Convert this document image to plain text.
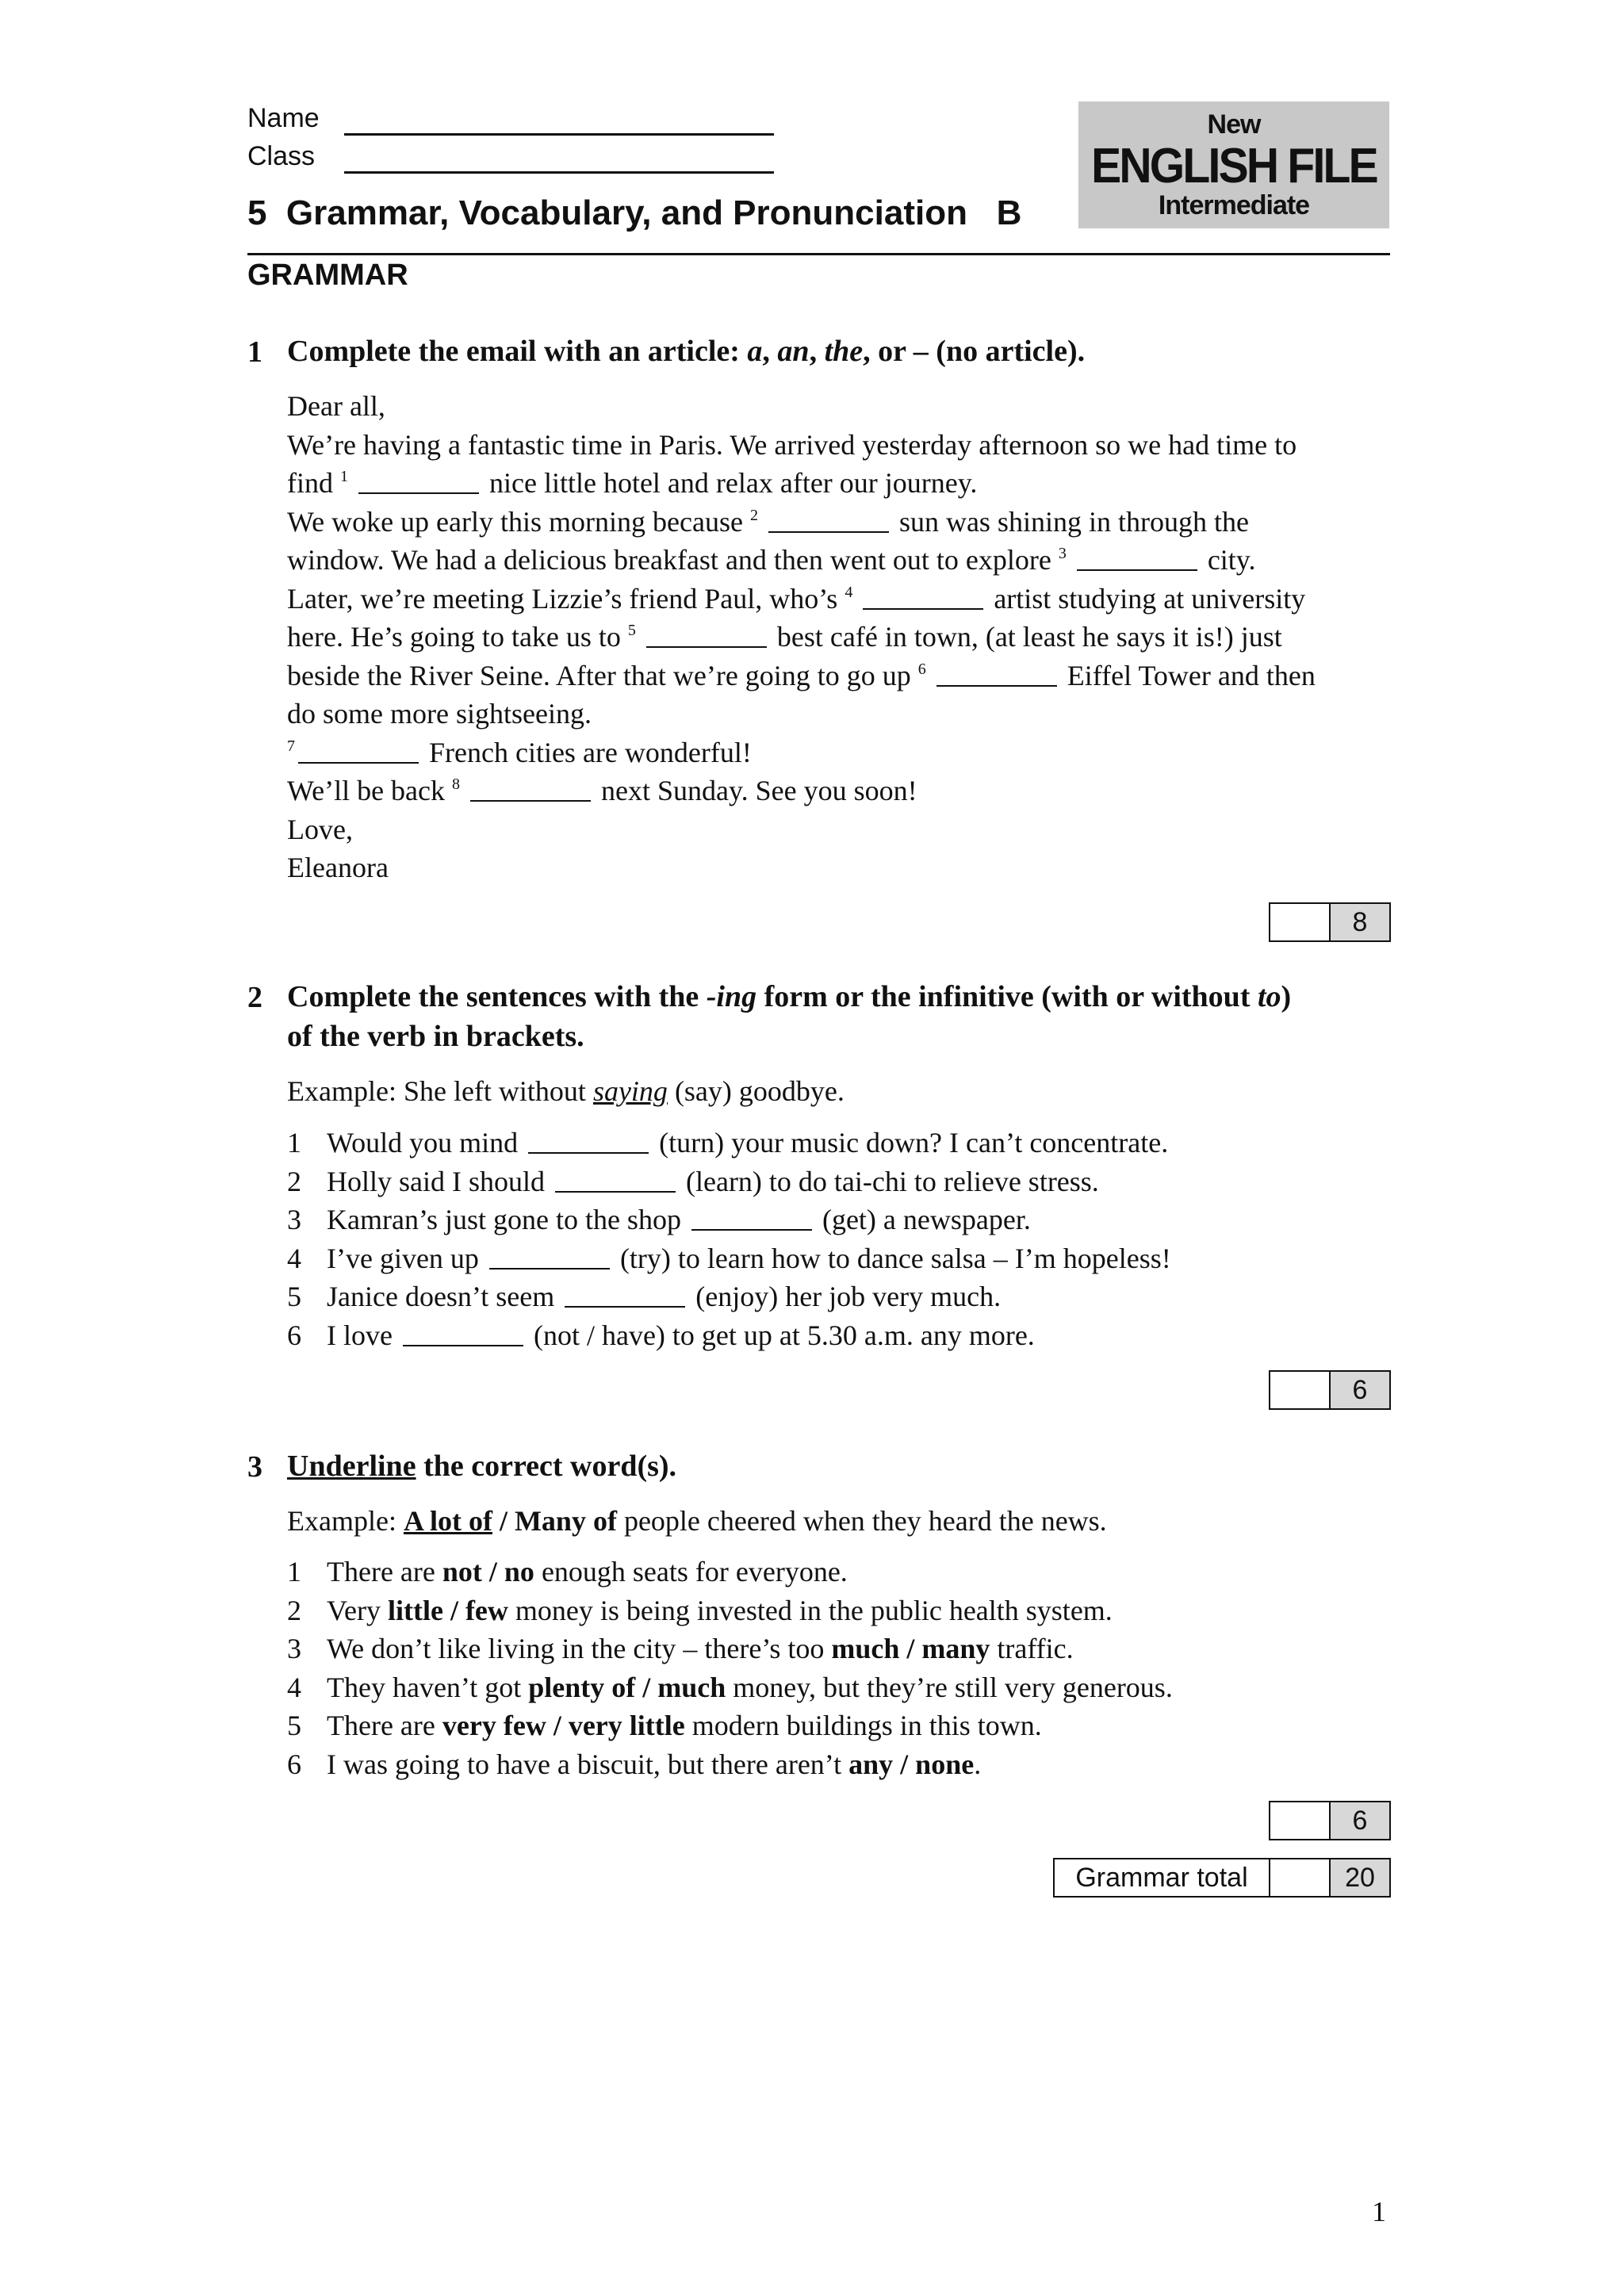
Name
Class
New
ENGLISH FILE
Intermediate
5  Grammar, Vocabulary, and Pronunciation   B
GRAMMAR
1 Complete the email with an article: a, an, the, or – (no article).
Dear all,
We’re having a fantastic time in Paris. We arrived yesterday afternoon so we had time to
find $^1$	nice little hotel and relax after our journey.
We woke up early this morning because $^2$	sun was shining in through the
window. We had a delicious breakfast and then went out to explore $^3$	city.
Later, we’re meeting Lizzie’s friend Paul, who’s $^4$	artist studying at university
here. He’s going to take us to $^5$	best café in town, (at least he says it is!) just
beside the River Seine. After that we’re going to go up $^6$	Eiffel Tower and then
do some more sightseeing.
$^7$	French cities are wonderful!
We’ll be back $^8$	next Sunday. See you soon!
Love,
Eleanora
8
2 Complete the sentences with the -ing form or the infinitive (with or without to)
of the verb in brackets.
Example: She left without saying (say) goodbye.
1 Would you mind	(turn) your music down? I can’t concentrate.
2 Holly said I should	(learn) to do tai-chi to relieve stress.
3 Kamran’s just gone to the shop	(get) a newspaper.
4 I’ve given up	(try) to learn how to dance salsa – I’m hopeless!
5 Janice doesn’t seem	(enjoy) her job very much.
6 I love	(not / have) to get up at 5.30 a.m. any more.
6
3 Underline the correct word(s).
Example: A lot of / Many of people cheered when they heard the news.
1 There are not / no enough seats for everyone.
2 Very little / few money is being invested in the public health system.
3 We don’t like living in the city – there’s too much / many traffic.
4 They haven’t got plenty of / much money, but they’re still very generous.
5 There are very few / very little modern buildings in this town.
6 I was going to have a biscuit, but there aren’t any / none.
6
Grammar total	20
1
